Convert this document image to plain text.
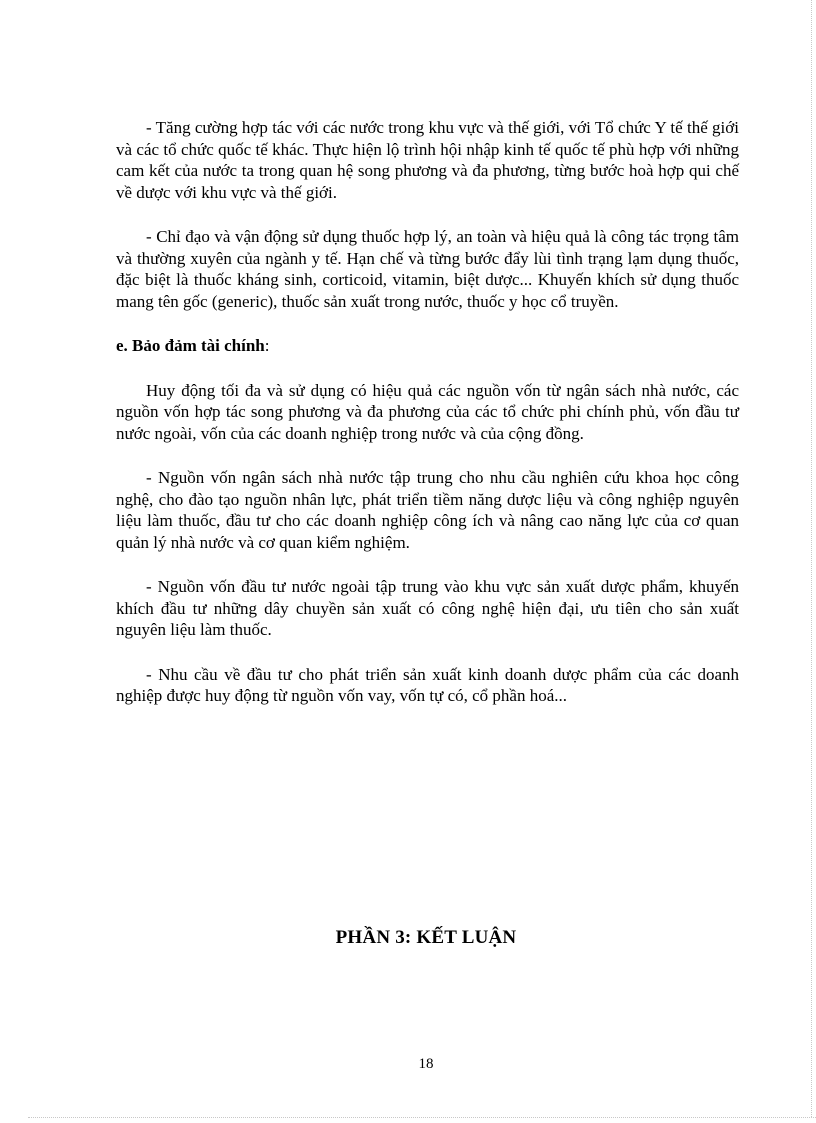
- Tăng cường hợp tác với các nước trong khu vực và thế giới, với Tổ chức Y tế thế giới và các tổ chức quốc tế khác. Thực hiện lộ trình hội nhập kinh tế quốc tế phù hợp với những cam kết của nước ta trong quan hệ song phương và đa phương, từng bước hoà hợp qui chế về dược với khu vực và thế giới.

- Chỉ đạo và vận động sử dụng thuốc hợp lý, an toàn và hiệu quả là công tác trọng tâm và thường xuyên của ngành y tế. Hạn chế và từng bước đẩy lùi tình trạng lạm dụng thuốc, đặc biệt là thuốc kháng sinh, corticoid, vitamin, biệt dược... Khuyến khích sử dụng thuốc mang tên gốc (generic), thuốc sản xuất trong nước, thuốc y học cổ truyền.

e. Bảo đảm tài chính:

Huy động tối đa và sử dụng có hiệu quả các nguồn vốn từ ngân sách nhà nước, các nguồn vốn hợp tác song phương và đa phương của các tổ chức phi chính phủ, vốn đầu tư nước ngoài, vốn của các doanh nghiệp trong nước và của cộng đồng.

- Nguồn vốn ngân sách nhà nước tập trung cho nhu cầu nghiên cứu khoa học công nghệ, cho đào tạo nguồn nhân lực, phát triển tiềm năng dược liệu và công nghiệp nguyên liệu làm thuốc, đầu tư cho các doanh nghiệp công ích và nâng cao năng lực của cơ quan quản lý nhà nước và cơ quan kiểm nghiệm.

- Nguồn vốn đầu tư nước ngoài tập trung vào khu vực sản xuất dược phẩm, khuyến khích đầu tư những dây chuyền sản xuất có công nghệ hiện đại, ưu tiên cho sản xuất nguyên liệu làm thuốc.

- Nhu cầu về đầu tư cho phát triển sản xuất kinh doanh dược phẩm của các doanh nghiệp được huy động từ nguồn vốn vay, vốn tự có, cổ phần hoá...

PHẦN 3: KẾT LUẬN
18
